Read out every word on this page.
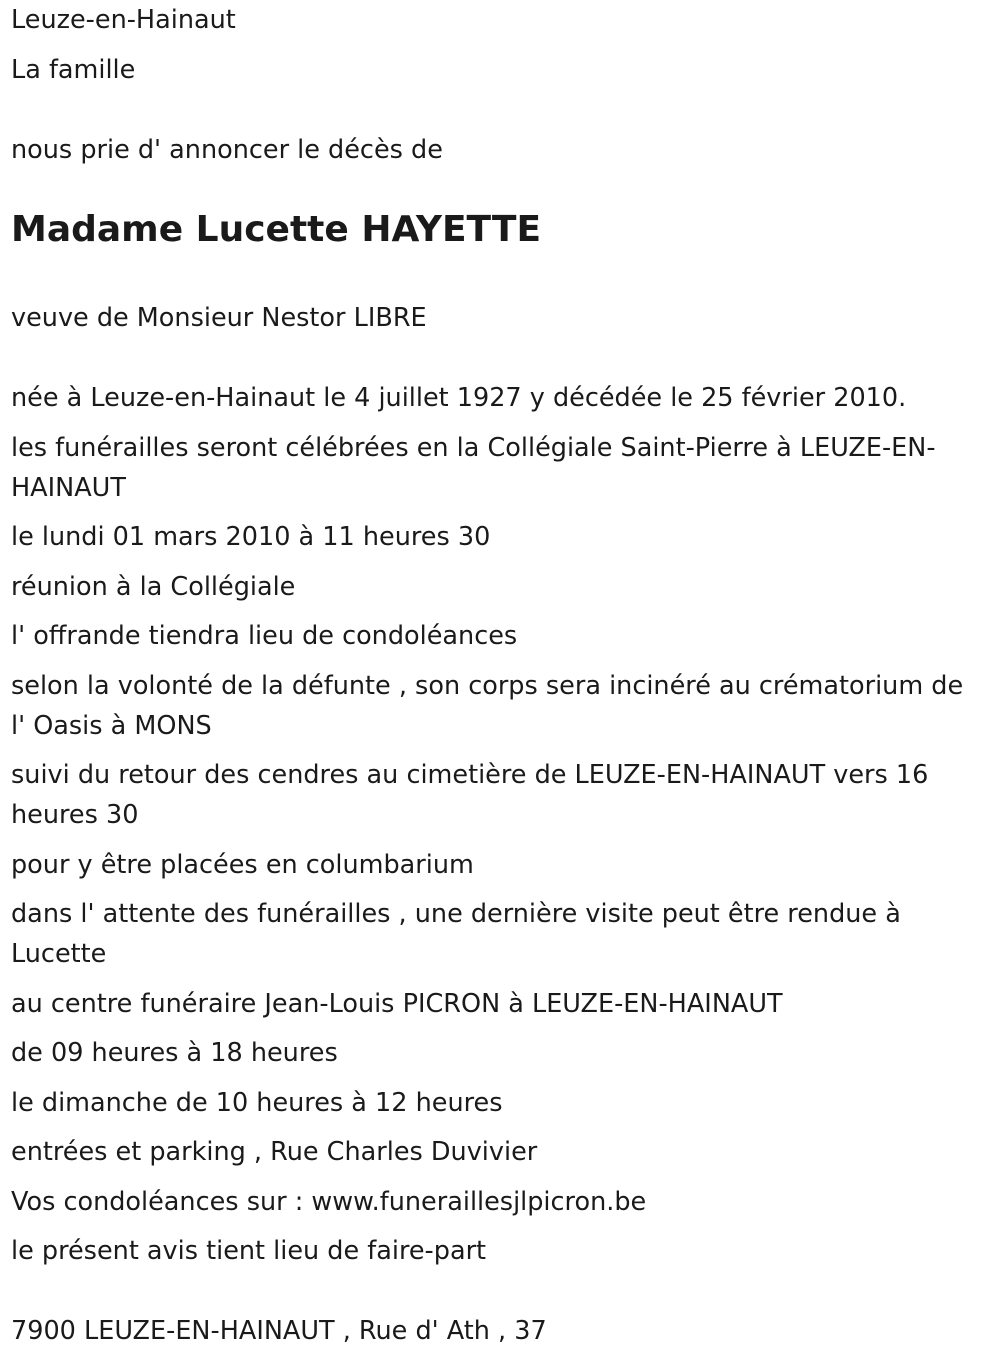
Leuze-en-Hainaut
La famille
nous prie d' annoncer le décès de
Madame Lucette HAYETTE
veuve de Monsieur Nestor LIBRE
née à Leuze-en-Hainaut le 4 juillet 1927 y décédée le 25 février 2010.
les funérailles seront célébrées en la Collégiale Saint-Pierre à LEUZE-EN-HAINAUT
le lundi 01 mars 2010 à 11 heures 30
réunion à la Collégiale
l' offrande tiendra lieu de condoléances
selon la volonté de la défunte , son corps sera incinéré au crématorium de l' Oasis à MONS
suivi du retour des cendres au cimetière de LEUZE-EN-HAINAUT vers 16 heures 30
pour y être placées en columbarium
dans l' attente des funérailles , une dernière visite peut être rendue à Lucette
au centre funéraire Jean-Louis PICRON à LEUZE-EN-HAINAUT
de 09 heures à 18 heures
le dimanche de 10 heures à 12 heures
entrées et parking , Rue Charles Duvivier
Vos condoléances sur : www.funeraillesjlpicron.be
le présent avis tient lieu de faire-part
7900 LEUZE-EN-HAINAUT , Rue d' Ath , 37
